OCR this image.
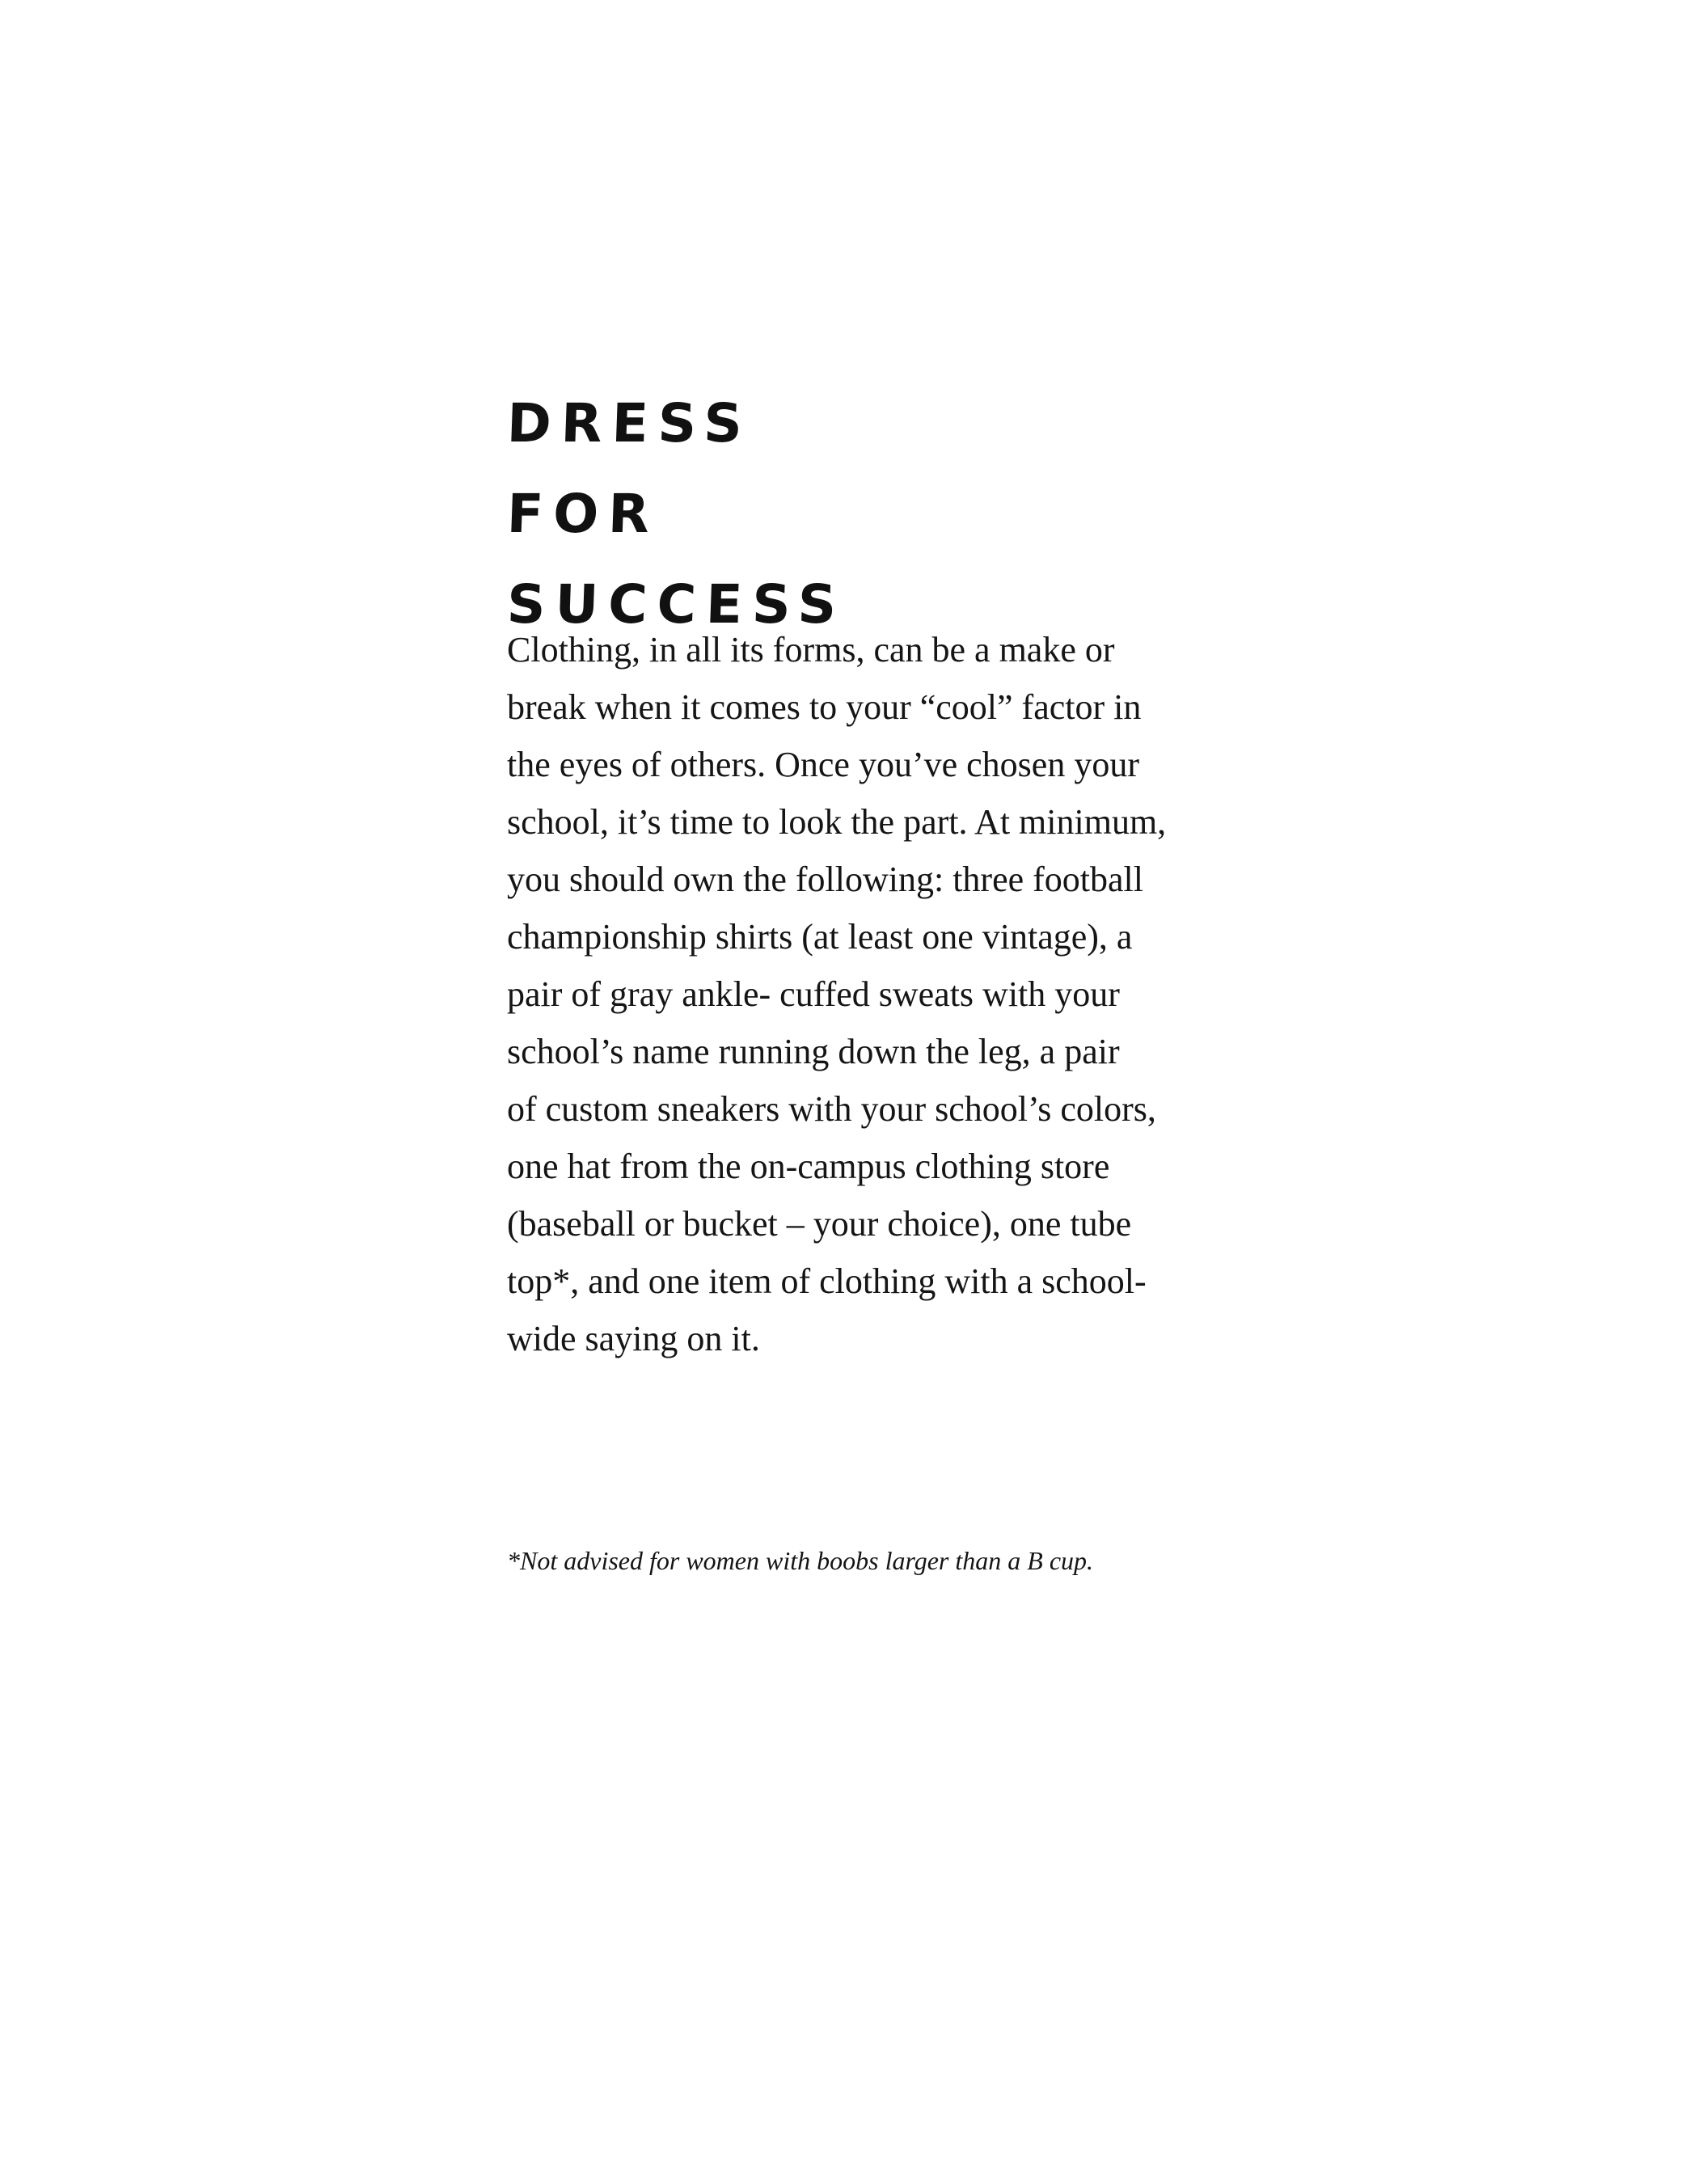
DRESS
FOR
SUCCESS
Clothing, in all its forms, can be a make or
break when it comes to your “cool” factor in
the eyes of others. Once you’ve chosen your
school, it’s time to look the part. At minimum,
you should own the following: three football
championship shirts (at least one vintage), a
pair of gray ankle- cuffed sweats with your
school’s name running down the leg, a pair
of custom sneakers with your school’s colors,
one hat from the on-campus clothing store
(baseball or bucket – your choice), one tube
top*, and one item of clothing with a school-
wide saying on it.
*Not advised for women with boobs larger than a B cup.
